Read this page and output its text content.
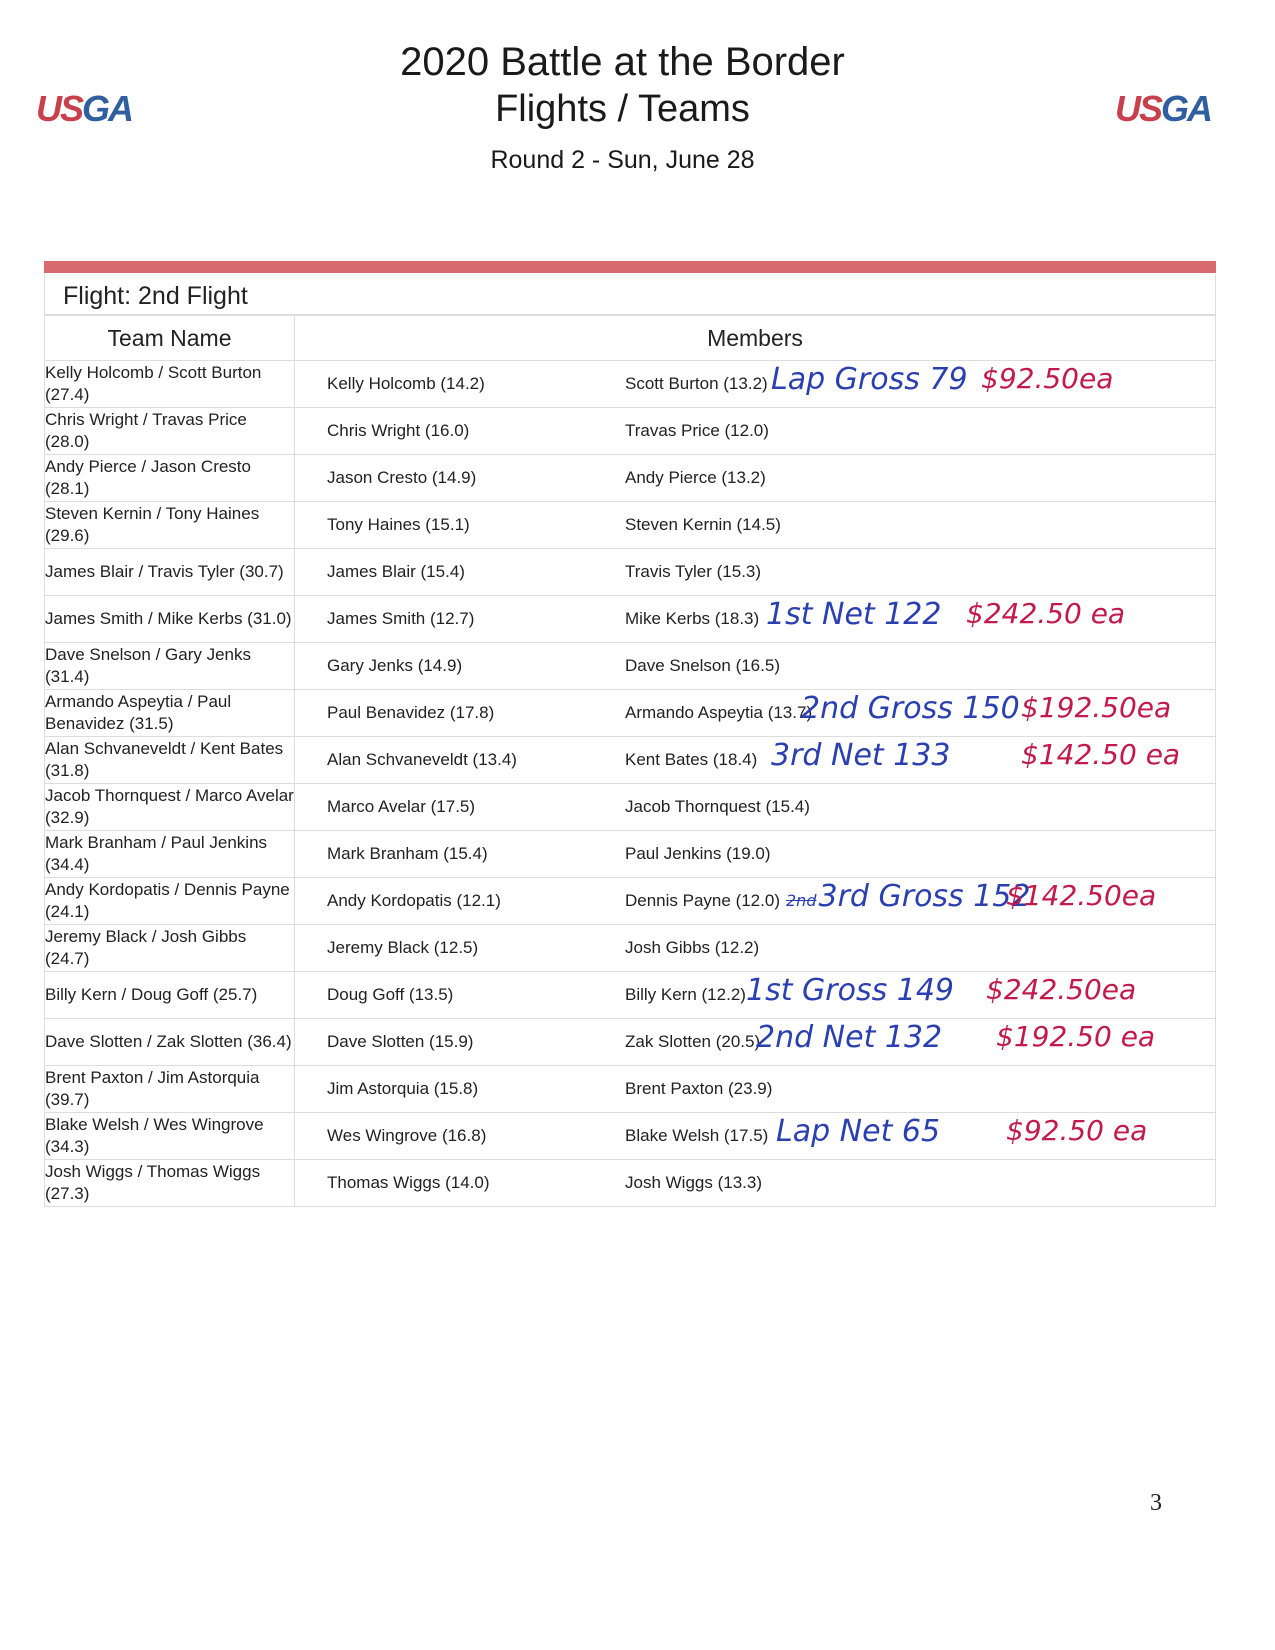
USGA	USGA
2020 Battle at the Border
Flights / Teams
Round 2 - Sun, June 28
Flight: 2nd Flight
Team Name	Members
Kelly Holcomb / Scott Burton (27.4)	Kelly Holcomb (14.2) Scott Burton (13.2) Lap Gross 79 $92.50ea

Chris Wright / Travas Price (28.0)	Chris Wright (16.0) Travas Price (12.0)

Andy Pierce / Jason Cresto (28.1)	Jason Cresto (14.9) Andy Pierce (13.2)

Steven Kernin / Tony Haines (29.6)	Tony Haines (15.1) Steven Kernin (14.5)

James Blair / Travis Tyler (30.7)	James Blair (15.4) Travis Tyler (15.3)

James Smith / Mike Kerbs (31.0)	James Smith (12.7) Mike Kerbs (18.3) 1st Net 122 $242.50 ea

Dave Snelson / Gary Jenks (31.4)	Gary Jenks (14.9) Dave Snelson (16.5)

Armando Aspeytia / Paul Benavidez (31.5)	Paul Benavidez (17.8) Armando Aspeytia (13.7)
2nd Gross 150 $192.50ea

Alan Schvaneveldt / Kent Bates (31.8)	Alan Schvaneveldt (13.4) Kent Bates (18.4) 3rd Net 133 $142.50 ea

Jacob Thornquest / Marco Avelar (32.9)	Marco Avelar (17.5) Jacob Thornquest (15.4)

Mark Branham / Paul Jenkins (34.4)	Mark Branham (15.4) Paul Jenkins (19.0)

Andy Kordopatis / Dennis Payne (24.1)	Andy Kordopatis (12.1) Dennis Payne (12.0) 2nd3rd Gross 152
$142.50ea

Jeremy Black / Josh Gibbs (24.7)	Jeremy Black (12.5) Josh Gibbs (12.2)

Billy Kern / Doug Goff (25.7)	Doug Goff (13.5) Billy Kern (12.2) 1st Gross 149 $242.50ea

Dave Slotten / Zak Slotten (36.4)	Dave Slotten (15.9) Zak Slotten (20.5)
2nd Net 132 $192.50 ea

Brent Paxton / Jim Astorquia (39.7)	Jim Astorquia (15.8) Brent Paxton (23.9)

Blake Welsh / Wes Wingrove (34.3)	Wes Wingrove (16.8) Blake Welsh (17.5) Lap Net 65 $92.50 ea

Josh Wiggs / Thomas Wiggs (27.3)	Thomas Wiggs (14.0) Josh Wiggs (13.3)
3
